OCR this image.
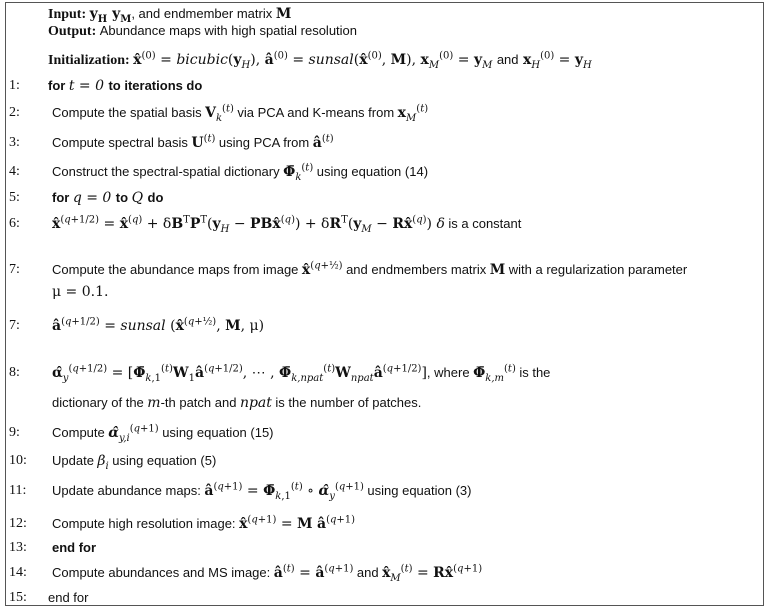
Input: $y_H$ $y_M$, and endmember matrix M
Output: Abundance maps with high spatial resolution
Initialization: x̂$^{(0)}$ = $bicubic(y_H)$, $â^{(0)}$ = sunsal(x̂$^{(0)}$, M), $x_M^{(0)} = y_M$ and $x_H^{(0)} = y_H$
1:
2:
3:
4:
5:
6:
7:
7:
8:
9:
10:
11:
12:
13:
14:
15:
for t = 0 to iterations do
Compute the spatial basis $V_k^{(t)}$ via PCA and K-means from $x_M^{(t)}$
Compute spectral basis $U^{(t)}$ using PCA from $â^{(t)}$
Construct the spectral-spatial dictionary $\Phī_k^{(t)}$ using equation (14)
for q = 0 to Q do
x̂$^{(q+1/2)}$ = x̂$^{(q)}$ + $\delta B^TP^T(y_H$ − PBx̂$^{(q)}$) + $\delta R^T(y_M$ − Rx̂$^{(q)}$) δ is a constant
Compute the abundance maps from image x̂$^{(q+\frac{1}{2})}$ and endmembers matrix M with a regularization parameter
μ = 0.1.
$â^{(q+1/2)}$ = sunsal (x̂$^{(q+\frac{1}{2})}$, M, μ)
$\alphâ_y^{(q+1/2)}$ = [$\Phī_{k,1}^{(t)}W_1â^{(q+1/2)}$, ⋯ , $\Phī_{k,npat}^{(t)}W_{npat}â^{(q+1/2)}$], where $\Phī_{k,m}^{(t)}$ is the
dictionary of the m-th patch and npat is the number of patches.
Compute $\alphâ_{y,i}^{(q+1)}$ using equation (15)
Update $\beta_i$ using equation (5)
Update abundance maps: $â^{(q+1)}$ = $\Phī_{k,1}^{(t)}$ ∘ $\alphâ_y^{(q+1)}$ using equation (3)
Compute high resolution image: x̂$^{(q+1)}$ = M $â^{(q+1)}$
end for
Compute abundances and MS image: $â^{(t)}$ = $â^{(q+1)}$ and $x̂_M^{(t)}$ = Rx̂$^{(q+1)}$
end for
